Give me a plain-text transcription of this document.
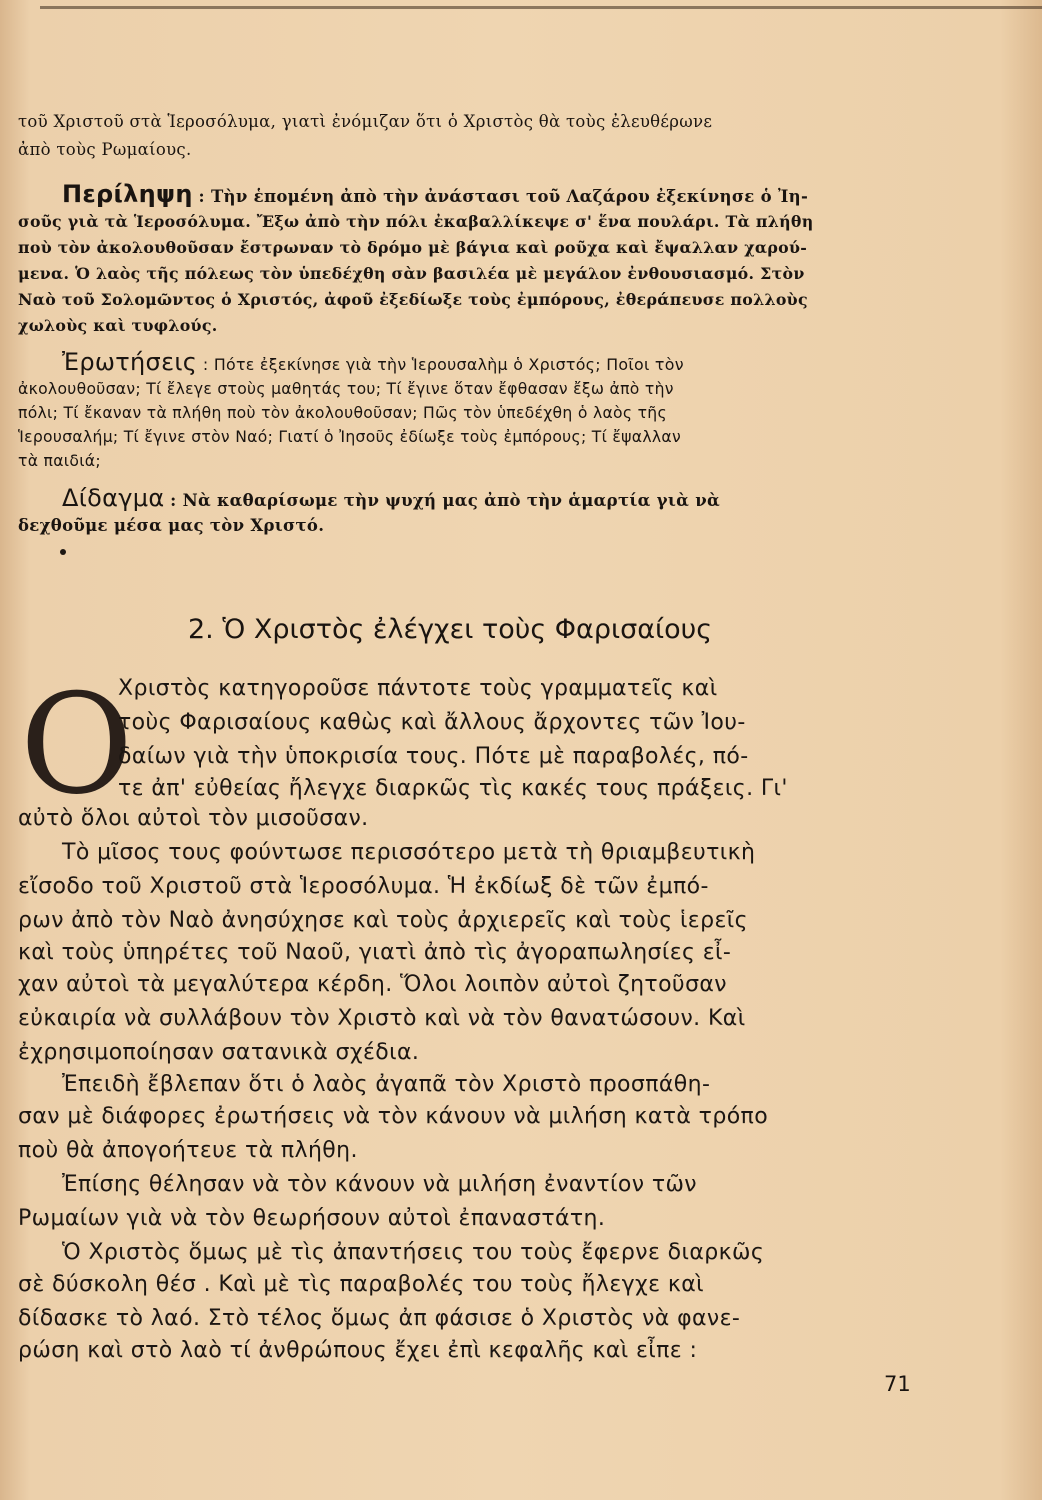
τοῦ Χριστοῦ στὰ Ἱεροσόλυμα, γιατὶ ἐνόμιζαν ὅτι ὁ Χριστὸς θὰ τοὺς ἐλευθέρωνε
ἀπὸ τοὺς Ρωμαίους.
Περίληψη : Τὴν ἑπομένη ἀπὸ τὴν ἀνάστασι τοῦ Λαζάρου ἐξεκίνησε ὁ Ἰη-
σοῦς γιὰ τὰ Ἱεροσόλυμα. Ἔξω ἀπὸ τὴν πόλι ἐκαβαλλίκεψε σ' ἕνα πουλάρι. Τὰ πλήθη
ποὺ τὸν ἀκολουθοῦσαν ἔστρωναν τὸ δρόμο μὲ βάγια καὶ ροῦχα καὶ ἔψαλλαν χαρού-
μενα. Ὁ λαὸς τῆς πόλεως τὸν ὑπεδέχθη σὰν βασιλέα μὲ μεγάλον ἐνθουσιασμό. Στὸν
Ναὸ τοῦ Σολομῶντος ὁ Χριστός, ἀφοῦ ἐξεδίωξε τοὺς ἐμπόρους, ἐθεράπευσε πολλοὺς
χωλοὺς καὶ τυφλούς.
Ἐρωτήσεις : Πότε ἐξεκίνησε γιὰ τὴν Ἱερουσαλὴμ ὁ Χριστός; Ποῖοι τὸν
ἀκολουθοῦσαν; Τί ἔλεγε στοὺς μαθητάς του; Τί ἔγινε ὅταν ἔφθασαν ἔξω ἀπὸ τὴν
πόλι; Τί ἔκαναν τὰ πλήθη ποὺ τὸν ἀκολουθοῦσαν; Πῶς τὸν ὑπεδέχθη ὁ λαὸς τῆς
Ἱερουσαλήμ; Τί ἔγινε στὸν Ναό; Γιατί ὁ Ἰησοῦς ἐδίωξε τοὺς ἐμπόρους; Τί ἔψαλλαν
τὰ παιδιά;
Δίδαγμα : Νὰ καθαρίσωμε τὴν ψυχή μας ἀπὸ τὴν ἁμαρτία γιὰ νὰ
δεχθοῦμε μέσα μας τὸν Χριστό.
2. Ὁ Χριστὸς ἐλέγχει τοὺς Φαρισαίους
Ο
Χριστὸς κατηγοροῦσε πάντοτε τοὺς γραμματεῖς καὶ
τοὺς Φαρισαίους καθὼς καὶ ἄλλους ἄρχοντες τῶν Ἰου-
δαίων γιὰ τὴν ὑποκρισία τους. Πότε μὲ παραβολές, πό-
τε ἀπ' εὐθείας ἤλεγχε διαρκῶς τὶς κακές τους πράξεις. Γι'
αὐτὸ ὅλοι αὐτοὶ τὸν μισοῦσαν.
Τὸ μῖσος τους φούντωσε περισσότερο μετὰ τὴ θριαμβευτικὴ
εἴσοδο τοῦ Χριστοῦ στὰ Ἱεροσόλυμα. Ἡ ἐκδίωξ δὲ τῶν ἐμπό-
ρων ἀπὸ τὸν Ναὸ ἀνησύχησε καὶ τοὺς ἀρχιερεῖς καὶ τοὺς ἱερεῖς
καὶ τοὺς ὑπηρέτες τοῦ Ναοῦ, γιατὶ ἀπὸ τὶς ἀγοραπωλησίες εἶ-
χαν αὐτοὶ τὰ μεγαλύτερα κέρδη. Ὅλοι λοιπὸν αὐτοὶ ζητοῦσαν
εὐκαιρία νὰ συλλάβουν τὸν Χριστὸ καὶ νὰ τὸν θανατώσουν. Καὶ
ἐχρησιμοποίησαν σατανικὰ σχέδια.
Ἐπειδὴ ἔβλεπαν ὅτι ὁ λαὸς ἀγαπᾶ τὸν Χριστὸ προσπάθη-
σαν μὲ διάφορες ἐρωτήσεις νὰ τὸν κάνουν νὰ μιλήση κατὰ τρόπο
ποὺ θὰ ἀπογοήτευε τὰ πλήθη.
Ἐπίσης θέλησαν νὰ τὸν κάνουν νὰ μιλήση ἐναντίον τῶν
Ρωμαίων γιὰ νὰ τὸν θεωρήσουν αὐτοὶ ἐπαναστάτη.
Ὁ Χριστὸς ὅμως μὲ τὶς ἀπαντήσεις του τοὺς ἔφερνε διαρκῶς
σὲ δύσκολη θέσ . Καὶ μὲ τὶς παραβολές του τοὺς ἤλεγχε καὶ
δίδασκε τὸ λαό. Στὸ τέλος ὅμως ἀπ φάσισε ὁ Χριστὸς νὰ φανε-
ρώση καὶ στὸ λαὸ τί ἀνθρώπους ἔχει ἐπὶ κεφαλῆς καὶ εἶπε :
71
